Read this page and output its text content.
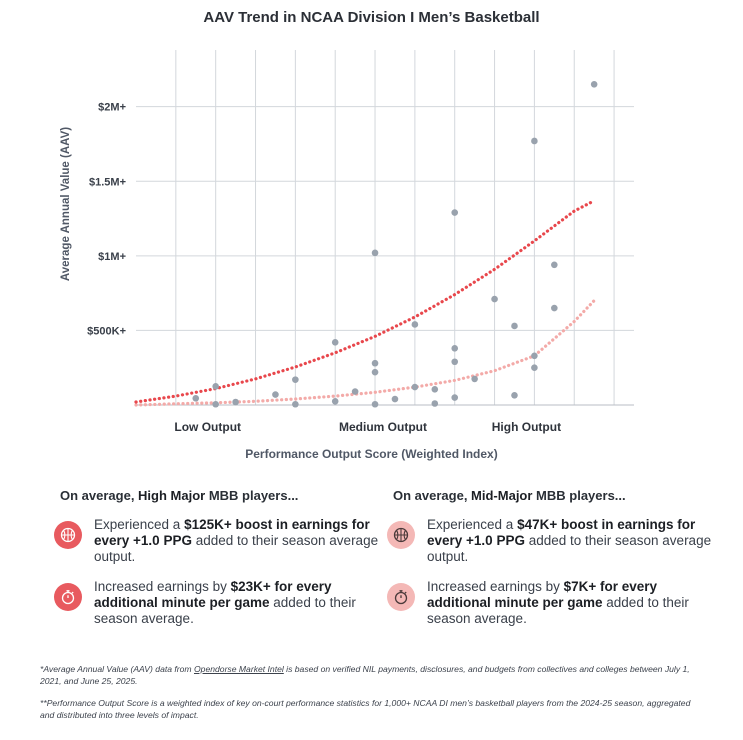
AAV Trend in NCAA Division I Men’s Basketball
$500K+
$1M+
$1.5M+
$2M+
Low Output	Medium Output	High Output
Average Annual Value (AAV)
Performance Output Score (Weighted Index)
On average, High Major MBB players...
Experienced a $125K+ boost in earnings for every +1.0 PPG added to their season average output.
Increased earnings by $23K+ for every additional minute per game added to their season average.
On average, Mid-Major MBB players...
Experienced a $47K+ boost in earnings for every +1.0 PPG added to their season average output.
Increased earnings by $7K+ for every additional minute per game added to their season average.
*Average Annual Value (AAV) data from Opendorse Market Intel is based on verified NIL payments, disclosures, and budgets from collectives and colleges between July 1, 2021, and June 25, 2025.
**Performance Output Score is a weighted index of key on-court performance statistics for 1,000+ NCAA DI men’s basketball players from the 2024-25 season, aggregated and distributed into three levels of impact.
